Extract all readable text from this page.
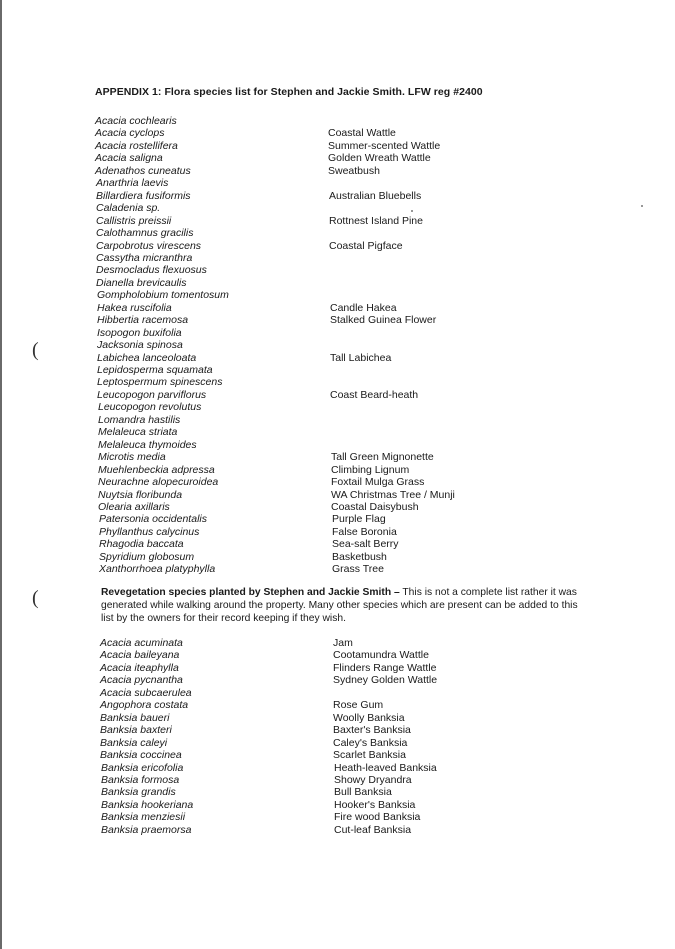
APPENDIX 1: Flora species list for Stephen and Jackie Smith. LFW reg #2400
Acacia cochlearis
Acacia cyclops	Coastal Wattle
Acacia rostellifera	Summer-scented Wattle
Acacia saligna	Golden Wreath Wattle
Adenathos cuneatus	Sweatbush
Anarthria laevis
Billardiera fusiformis	Australian Bluebells
Caladenia sp.
Callistris preissii	Rottnest Island Pine
Calothamnus gracilis
Carpobrotus virescens	Coastal Pigface
Cassytha micranthra
Desmocladus flexuosus
Dianella brevicaulis
Gompholobium tomentosum
Hakea ruscifolia	Candle Hakea
Hibbertia racemosa	Stalked Guinea Flower
Isopogon buxifolia
Jacksonia spinosa
Labichea lanceoloata	Tall Labichea
Lepidosperma squamata
Leptospermum spinescens
Leucopogon parviflorus	Coast Beard-heath
Leucopogon revolutus
Lomandra hastilis
Melaleuca striata
Melaleuca thymoides
Microtis media	Tall Green Mignonette
Muehlenbeckia adpressa	Climbing Lignum
Neurachne alopecuroidea	Foxtail Mulga Grass
Nuytsia floribunda	WA Christmas Tree / Munji
Olearia axillaris	Coastal Daisybush
Patersonia occidentalis	Purple Flag
Phyllanthus calycinus	False Boronia
Rhagodia baccata	Sea-salt Berry
Spyridium globosum	Basketbush
Xanthorrhoea platyphylla	Grass Tree
Acacia acuminata	Jam
Acacia baileyana	Cootamundra Wattle
Acacia iteaphylla	Flinders Range Wattle
Acacia pycnantha	Sydney Golden Wattle
Acacia subcaerulea
Angophora costata	Rose Gum
Banksia baueri	Woolly Banksia
Banksia baxteri	Baxter's Banksia
Banksia caleyi	Caley's Banksia
Banksia coccinea	Scarlet Banksia
Banksia ericofolia	Heath-leaved Banksia
Banksia formosa	Showy Dryandra
Banksia grandis	Bull Banksia
Banksia hookeriana	Hooker's Banksia
Banksia menziesii	Fire wood Banksia
Banksia praemorsa	Cut-leaf Banksia
Revegetation species planted by Stephen and Jackie Smith – This is not a complete list rather it was generated while walking around the property. Many other species which are present can be added to this list by the owners for their record keeping if they wish.
(
(
